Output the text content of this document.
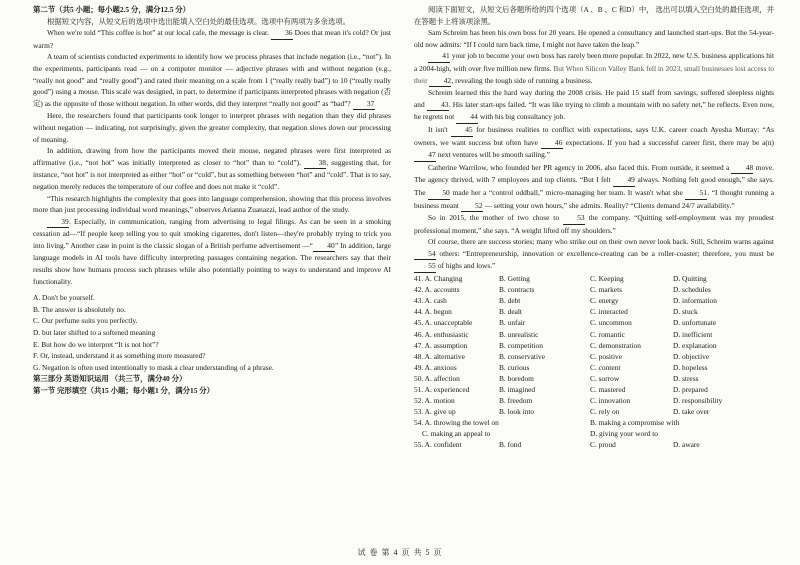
第二节（共5 小题；每小题2.5 分，满分12.5 分）

根据短文内容，从短文后的选项中选出能填入空白处的最佳选项。选项中有两项为多余选项。

When we're told “This coffee is hot” at our local cafe, the message is clear. 36 Does that mean it's cold? Or just warm?

A team of scientists conducted experiments to identify how we process phrases that include negation (i.e., “not”). In the experiments, participants read — on a computer monitor — adjective phrases with and without negation (e.g., “really not good” and “really good”) and rated their meaning on a scale from 1 (“really really bad”) to 10 (“really really good”) using a mouse. This scale was designed, in part, to determine if participants interpreted phrases with negation (否定) as the opposite of those without negation. In other words, did they interpret “really not good” as “bad”? 37

Here, the researchers found that participants took longer to interpret phrases with negation than they did phrases without negation — indicating, not surprisingly, given the greater complexity, that negation slows down our processing of meaning.

In addition, drawing from how the participants moved their mouse, negated phrases were first interpreted as affirmative (i.e., “not hot” was initially interpreted as closer to “hot” than to “cold”). 38, suggesting that, for instance, “not hot” is not interpreted as either “hot” or “cold”, but as something between “hot” and “cold”. That is to say, negation merely reduces the temperature of our coffee and does not make it “cold”.

“This research highlights the complexity that goes into language comprehension, showing that this process involves more than just processing individual word meanings,” observes Arianna Zuanazzi, lead author of the study.

39. Especially, in communication, ranging from advertising to legal filings. As can be seen in a smoking cessation ad—“If people keep telling you to quit smoking cigarettes, don't listen—they're probably trying to trick you into living.” Another case in point is the classic slogan of a British perfume advertisement —“ 40” In addition, large language models in AI tools have difficulty interpreting passages containing negation. The researchers say that their results show how humans process such phrases while also potentially pointing to ways to understand and improve AI functionality.

A. Don't be yourself.

B. The answer is absolutely no.

C. Our perfume suits you perfectly.

D. but later shifted to a softened meaning

E. But how do we interpret “It is not hot”?

F. Or, instead, understand it as something more measured?

G. Negation is often used intentionally to mask a clear understanding of a phrase.

第三部分 英语知识运用 （共三节，满分40 分）

第一节 完形填空（共15 小题；每小题1 分，满分15 分）

阅读下面短文，从短文后各题所给的四个选项（A 、B 、C 和D）中， 选出可以填入空白处的最佳选项，并在答题卡上将该项涂黑。

Sam Schreim has been his own boss for 20 years. He opened a consultancy and launched start-ups. But the 54-year-old now admits: “If I could turn back time, I might not have taken the leap.”

41 your job to become your own boss has rarely been more popular. In 2022, new U.S. business applications hit a 2004-high, with over five million new firms. But When Silicon Valley Bank fell in 2023, small businesses lost access to their 42, revealing the tough side of running a business.

Schreim learned this the hard way during the 2008 crisis. He paid 15 staff from savings, suffered sleepless nights and 43. His later start-ups failed. “It was like trying to climb a mountain with no safety net,” he reflects. Even now, he regrets not 44 with his big consultancy job.

It isn't 45 for business realities to conflict with expectations, says U.K. career coach Ayesha Murray: “As owners, we want success but often have 46 expectations. If you had a successful career first, there may be a(n) 47 next ventures will be smooth sailing.”

Catherine Warrilow, who founded her PR agency in 2006, also faced this. From outside, it seemed a 48 move. The agency thrived, with 7 employees and top clients. “But I felt 49 always. Nothing felt good enough,” she says. The 50 made her a “control oddball,” micro-managing her team. It wasn't what she 51. “I thought running a business meant 52 — setting your own hours,” she admits. Reality? “Clients demand 24/7 availability.”

So in 2015, the mother of two chose to 53 the company. “Quitting self-employment was my proudest professional moment,” she says. “A weight lifted off my shoulders.”

Of course, there are success stories; many who strike out on their own never look back. Still, Schreim warns against 54 others: “Entrepreneurship, innovation or excellence-creating can be a roller-coaster; therefore, you must be 55 of highs and lows.”

41. A. Changing	B. Getting	C. Keeping	D. Quitting
42. A. accounts	B. contracts	C. markets	D. schedules
43. A. cash	B. debt	C. energy	D. information
44. A. begun	B. dealt	C. interacted	D. stuck
45. A. unacceptable	B. unfair	C. uncommon	D. unfortunate
46. A. enthusiastic	B. unrealistic	C. romantic	D. inefficient
47. A. assumption	B. competition	C. demonstration	D. explanation
48. A. alternative	B. conservative	C. positive	D. objective
49. A. anxious	B. curious	C. content	D. hopeless
50. A. affection	B. boredom	C. sorrow	D. stress
51. A. experienced	B. imagined	C. mastered	D. prepared
52. A. motion	B. freedom	C. innovation	D. responsibility
53. A. give up	B. look into	C. rely on	D. take over
54. A. throwing the towel on	B. making a compromise with
C. making an appeal to	D. giving your word to
55. A. confident	B. fond	C. proud	D. aware
试 卷 第 4 页 共 5 页
